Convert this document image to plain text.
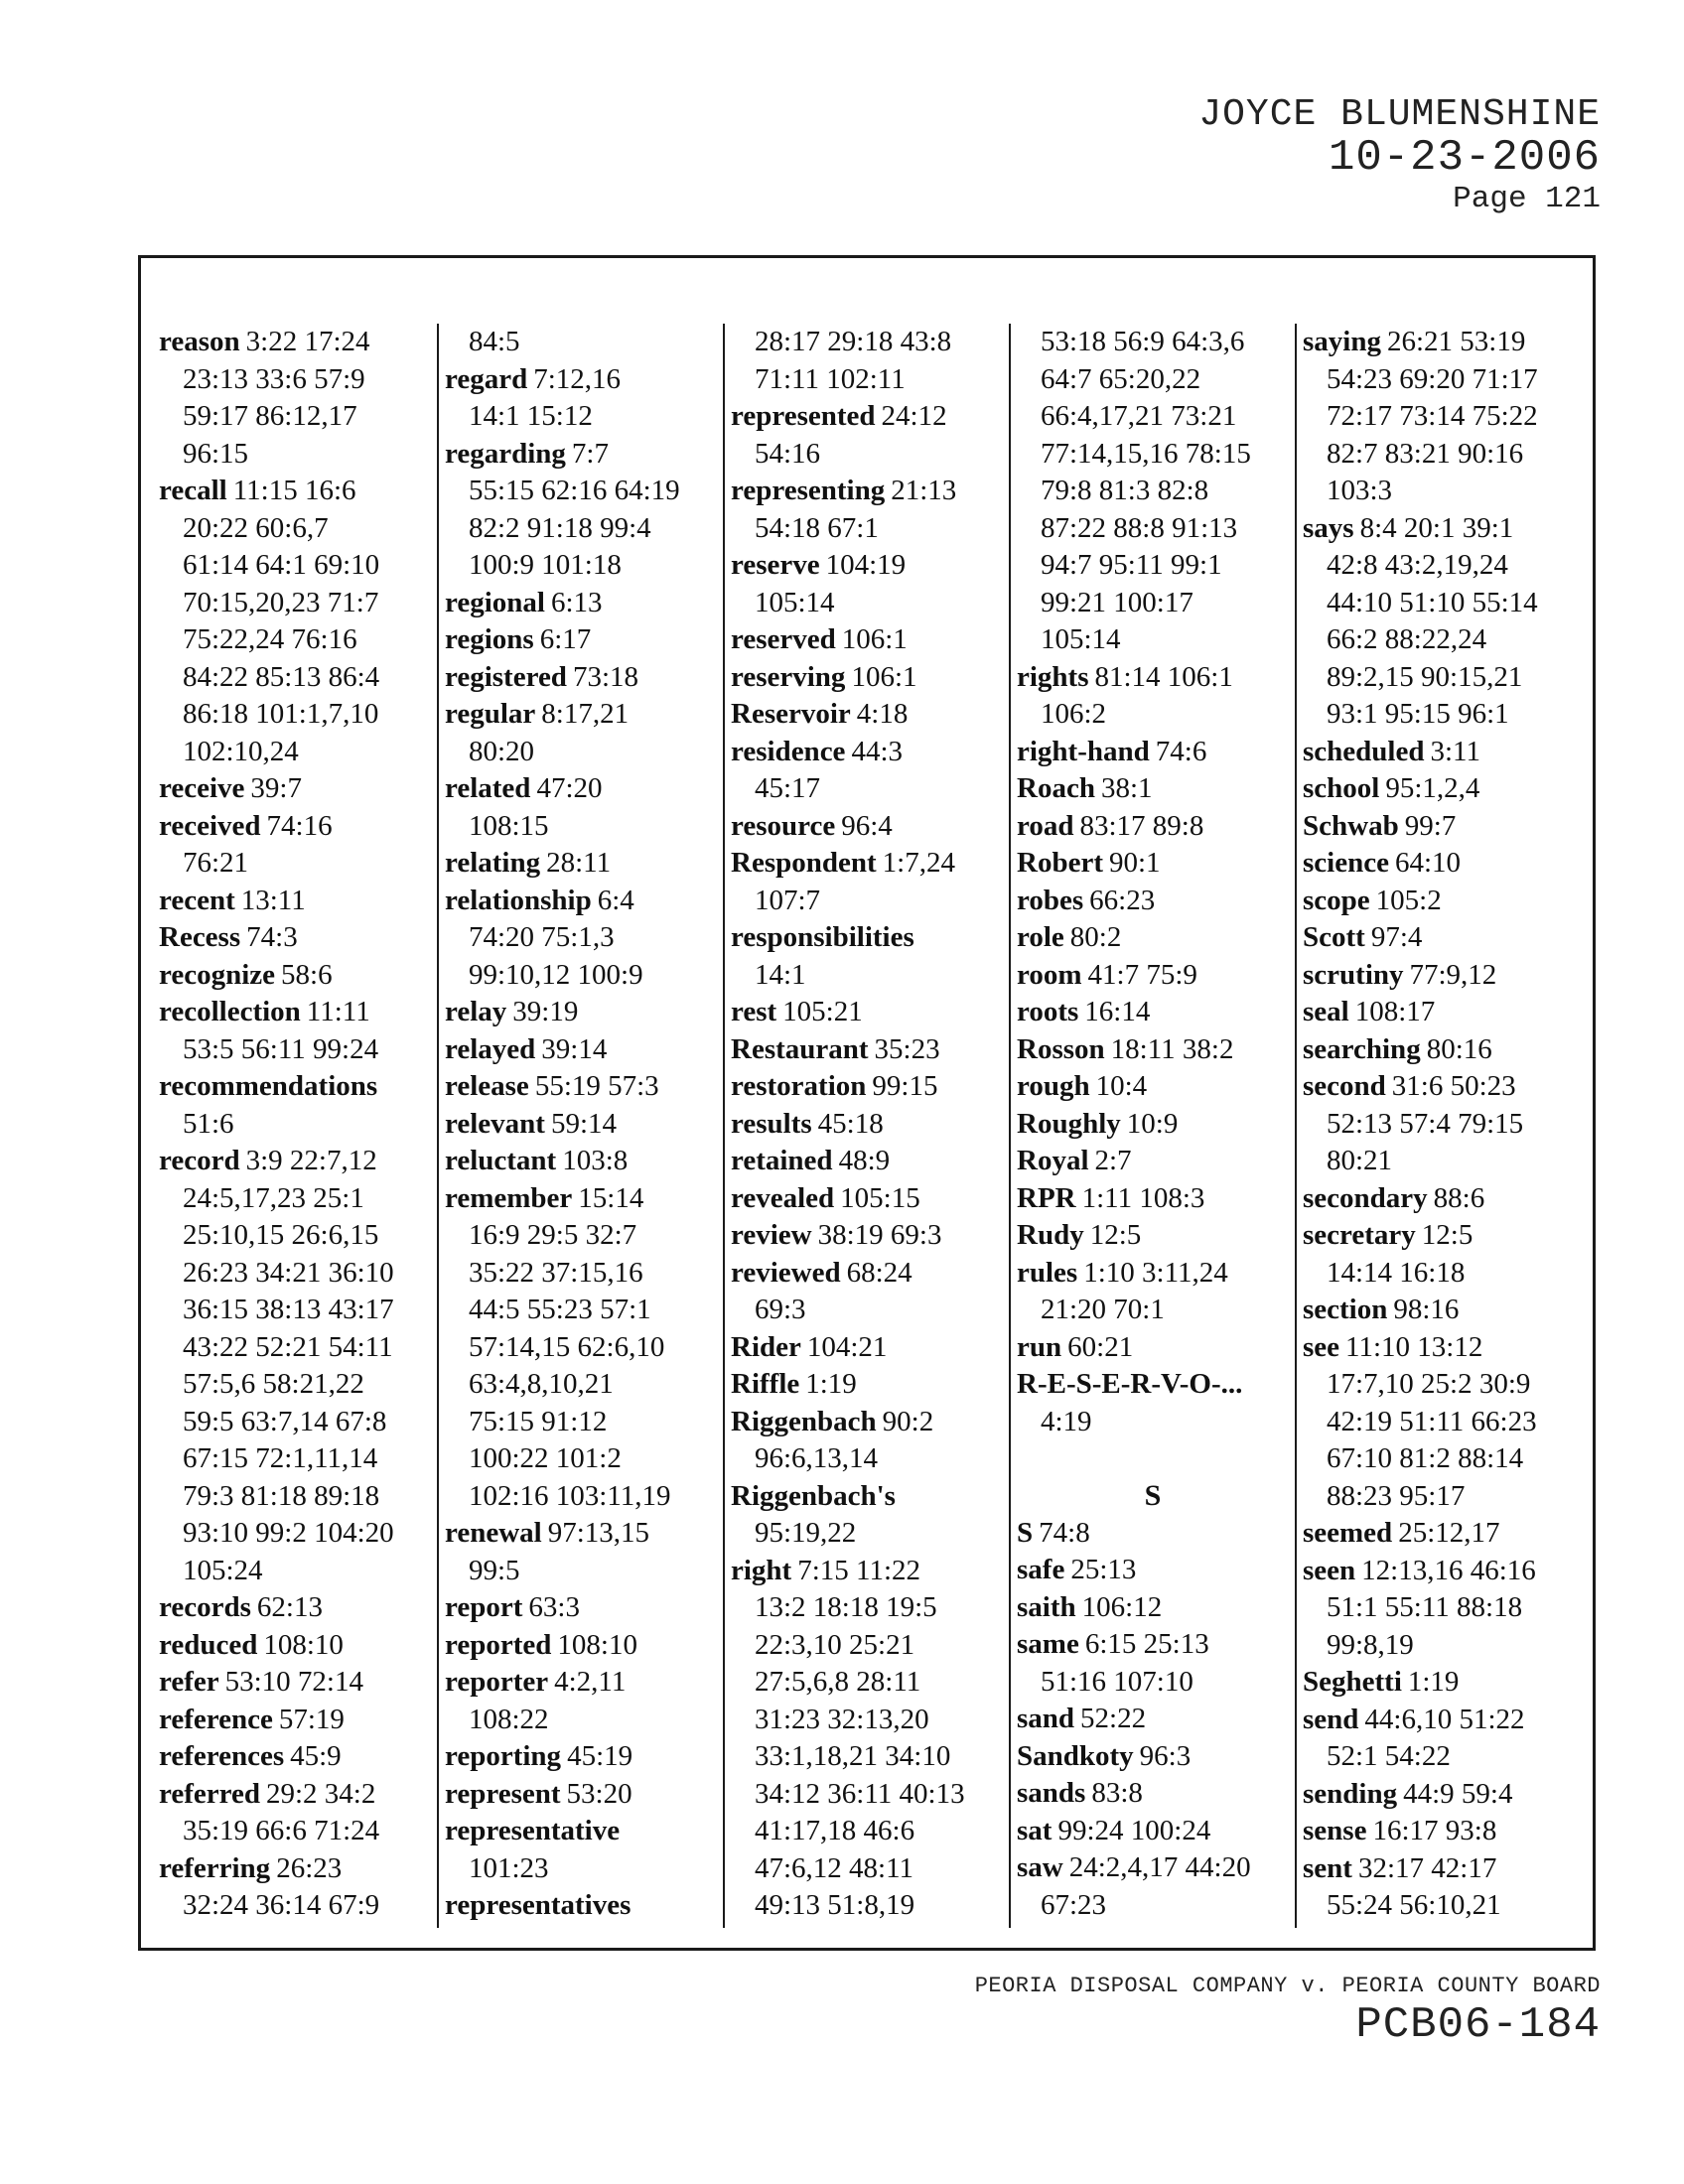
JOYCE BLUMENSHINE
10-23-2006
Page 121
reason 3:22 17:24
23:13 33:6 57:9
59:17 86:12,17
96:15
recall 11:15 16:6
20:22 60:6,7
61:14 64:1 69:10
70:15,20,23 71:7
75:22,24 76:16
84:22 85:13 86:4
86:18 101:1,7,10
102:10,24
receive 39:7
received 74:16
76:21
recent 13:11
Recess 74:3
recognize 58:6
recollection 11:11
53:5 56:11 99:24
recommendations
51:6
record 3:9 22:7,12
24:5,17,23 25:1
25:10,15 26:6,15
26:23 34:21 36:10
36:15 38:13 43:17
43:22 52:21 54:11
57:5,6 58:21,22
59:5 63:7,14 67:8
67:15 72:1,11,14
79:3 81:18 89:18
93:10 99:2 104:20
105:24
records 62:13
reduced 108:10
refer 53:10 72:14
reference 57:19
references 45:9
referred 29:2 34:2
35:19 66:6 71:24
referring 26:23
32:24 36:14 67:9
84:5
regard 7:12,16
14:1 15:12
regarding 7:7
55:15 62:16 64:19
82:2 91:18 99:4
100:9 101:18
regional 6:13
regions 6:17
registered 73:18
regular 8:17,21
80:20
related 47:20
108:15
relating 28:11
relationship 6:4
74:20 75:1,3
99:10,12 100:9
relay 39:19
relayed 39:14
release 55:19 57:3
relevant 59:14
reluctant 103:8
remember 15:14
16:9 29:5 32:7
35:22 37:15,16
44:5 55:23 57:1
57:14,15 62:6,10
63:4,8,10,21
75:15 91:12
100:22 101:2
102:16 103:11,19
renewal 97:13,15
99:5
report 63:3
reported 108:10
reporter 4:2,11
108:22
reporting 45:19
represent 53:20
representative
101:23
representatives
28:17 29:18 43:8
71:11 102:11
represented 24:12
54:16
representing 21:13
54:18 67:1
reserve 104:19
105:14
reserved 106:1
reserving 106:1
Reservoir 4:18
residence 44:3
45:17
resource 96:4
Respondent 1:7,24
107:7
responsibilities
14:1
rest 105:21
Restaurant 35:23
restoration 99:15
results 45:18
retained 48:9
revealed 105:15
review 38:19 69:3
reviewed 68:24
69:3
Rider 104:21
Riffle 1:19
Riggenbach 90:2
96:6,13,14
Riggenbach's
95:19,22
right 7:15 11:22
13:2 18:18 19:5
22:3,10 25:21
27:5,6,8 28:11
31:23 32:13,20
33:1,18,21 34:10
34:12 36:11 40:13
41:17,18 46:6
47:6,12 48:11
49:13 51:8,19
53:18 56:9 64:3,6
64:7 65:20,22
66:4,17,21 73:21
77:14,15,16 78:15
79:8 81:3 82:8
87:22 88:8 91:13
94:7 95:11 99:1
99:21 100:17
105:14
rights 81:14 106:1
106:2
right-hand 74:6
Roach 38:1
road 83:17 89:8
Robert 90:1
robes 66:23
role 80:2
room 41:7 75:9
roots 16:14
Rosson 18:11 38:2
rough 10:4
Roughly 10:9
Royal 2:7
RPR 1:11 108:3
Rudy 12:5
rules 1:10 3:11,24
21:20 70:1
run 60:21
R-E-S-E-R-V-O-...
4:19
S
S 74:8
safe 25:13
saith 106:12
same 6:15 25:13
51:16 107:10
sand 52:22
Sandkoty 96:3
sands 83:8
sat 99:24 100:24
saw 24:2,4,17 44:20
67:23
saying 26:21 53:19
54:23 69:20 71:17
72:17 73:14 75:22
82:7 83:21 90:16
103:3
says 8:4 20:1 39:1
42:8 43:2,19,24
44:10 51:10 55:14
66:2 88:22,24
89:2,15 90:15,21
93:1 95:15 96:1
scheduled 3:11
school 95:1,2,4
Schwab 99:7
science 64:10
scope 105:2
Scott 97:4
scrutiny 77:9,12
seal 108:17
searching 80:16
second 31:6 50:23
52:13 57:4 79:15
80:21
secondary 88:6
secretary 12:5
14:14 16:18
section 98:16
see 11:10 13:12
17:7,10 25:2 30:9
42:19 51:11 66:23
67:10 81:2 88:14
88:23 95:17
seemed 25:12,17
seen 12:13,16 46:16
51:1 55:11 88:18
99:8,19
Seghetti 1:19
send 44:6,10 51:22
52:1 54:22
sending 44:9 59:4
sense 16:17 93:8
sent 32:17 42:17
55:24 56:10,21
PEORIA DISPOSAL COMPANY v. PEORIA COUNTY BOARD
PCB06-184
